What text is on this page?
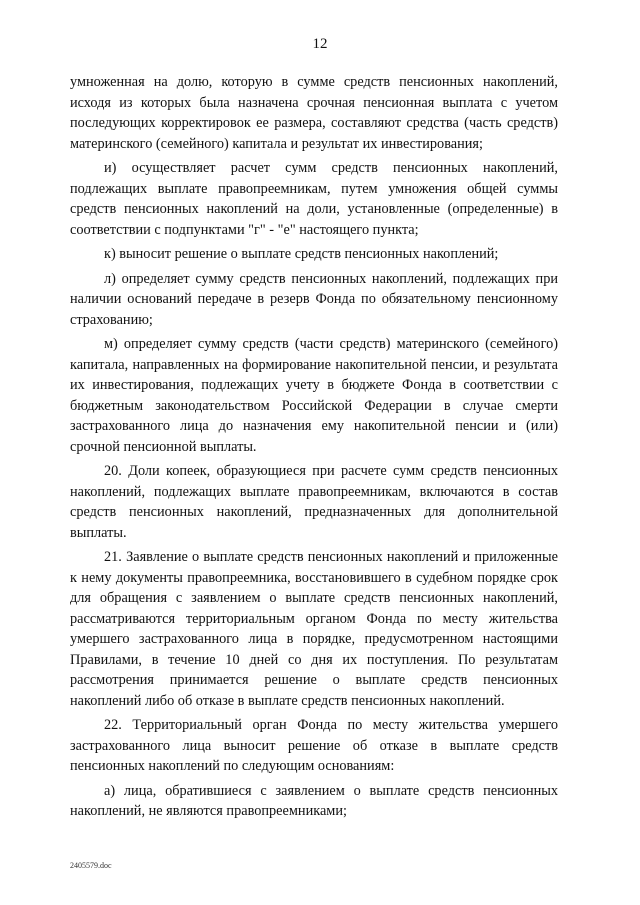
12

умноженная на долю, которую в сумме средств пенсионных накоплений, исходя из которых была назначена срочная пенсионная выплата с учетом последующих корректировок ее размера, составляют средства (часть средств) материнского (семейного) капитала и результат их инвестирования;

и) осуществляет расчет сумм средств пенсионных накоплений, подлежащих выплате правопреемникам, путем умножения общей суммы средств пенсионных накоплений на доли, установленные (определенные) в соответствии с подпунктами "г" - "е" настоящего пункта;

к) выносит решение о выплате средств пенсионных накоплений;

л) определяет сумму средств пенсионных накоплений, подлежащих при наличии оснований передаче в резерв Фонда по обязательному пенсионному страхованию;

м) определяет сумму средств (части средств) материнского (семейного) капитала, направленных на формирование накопительной пенсии, и результата их инвестирования, подлежащих учету в бюджете Фонда в соответствии с бюджетным законодательством Российской Федерации в случае смерти застрахованного лица до назначения ему накопительной пенсии и (или) срочной пенсионной выплаты.

20. Доли копеек, образующиеся при расчете сумм средств пенсионных накоплений, подлежащих выплате правопреемникам, включаются в состав средств пенсионных накоплений, предназначенных для дополнительной выплаты.

21. Заявление о выплате средств пенсионных накоплений и приложенные к нему документы правопреемника, восстановившего в судебном порядке срок для обращения с заявлением о выплате средств пенсионных накоплений, рассматриваются территориальным органом Фонда по месту жительства умершего застрахованного лица в порядке, предусмотренном настоящими Правилами, в течение 10 дней со дня их поступления. По результатам рассмотрения принимается решение о выплате средств пенсионных накоплений либо об отказе в выплате средств пенсионных накоплений.

22. Территориальный орган Фонда по месту жительства умершего застрахованного лица выносит решение об отказе в выплате средств пенсионных накоплений по следующим основаниям:

а) лица, обратившиеся с заявлением о выплате средств пенсионных накоплений, не являются правопреемниками;

2405579.doc
